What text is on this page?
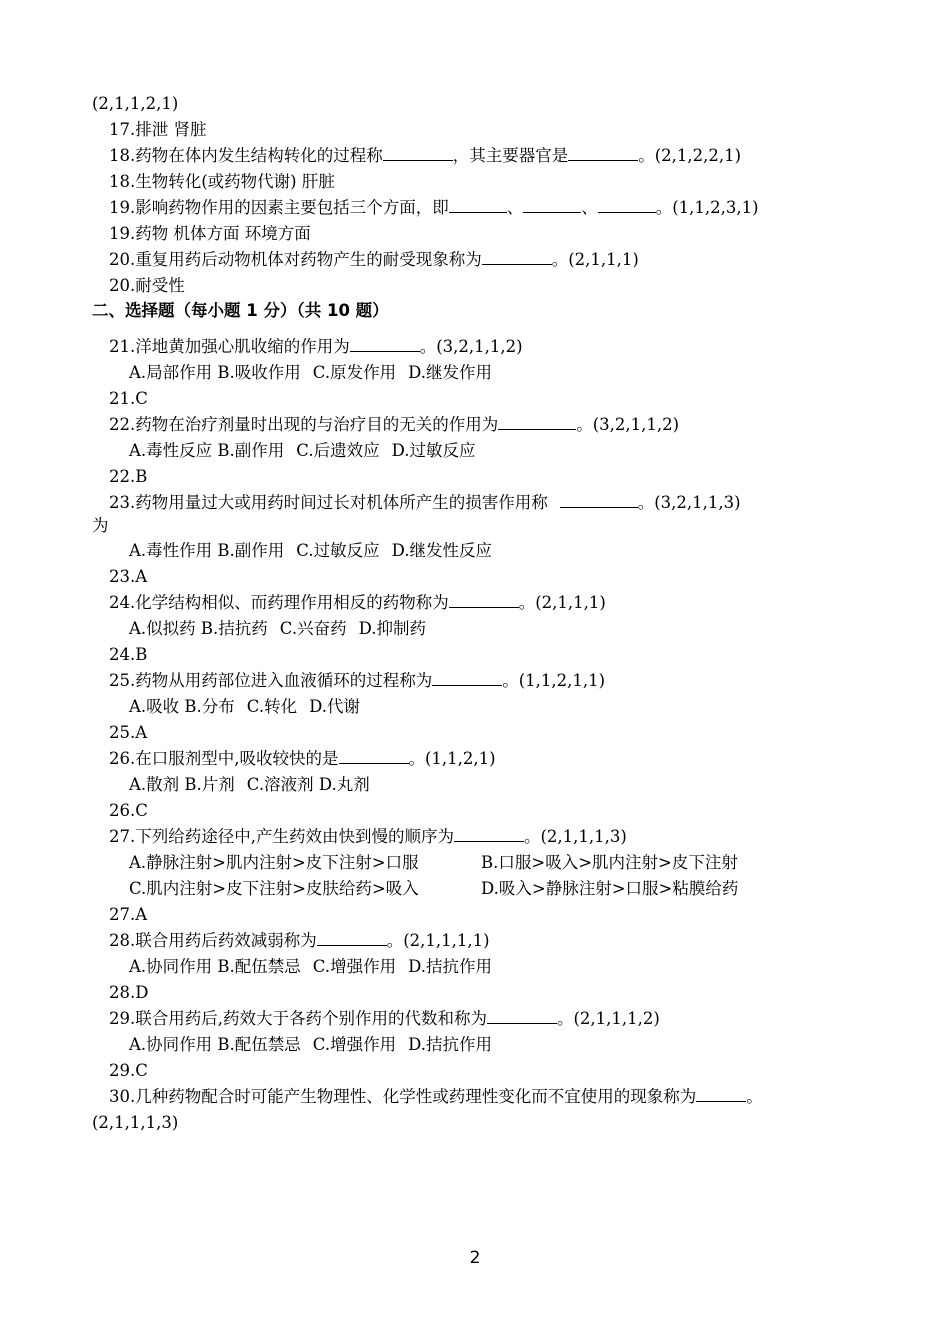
(2,1,1,2,1)
17.排泄 肾脏
18.药物在体内发生结构转化的过程称	，其主要器官是	。(2,1,2,2,1)
18.生物转化(或药物代谢) 肝脏
19.影响药物作用的因素主要包括三个方面，即	、	、	。(1,1,2,3,1)
19.药物 机体方面 环境方面
20.重复用药后动物机体对药物产生的耐受现象称为	。(2,1,1,1)
20.耐受性
二、选择题（每小题 1 分）（共 10 题）
21.洋地黄加强心肌收缩的作用为	。(3,2,1,1,2)
A.局部作用 B.吸收作用 C.原发作用 D.继发作用
21.C
22.药物在治疗剂量时出现的与治疗目的无关的作用为	。(3,2,1,1,2)
A.毒性反应 B.副作用 C.后遗效应 D.过敏反应
22.B
23.药物用量过大或用药时间过长对机体所产生的损害作用称	。(3,2,1,1,3)
为
A.毒性作用 B.副作用 C.过敏反应 D.继发性反应
23.A
24.化学结构相似、而药理作用相反的药物称为	。(2,1,1,1)
A.似拟药 B.拮抗药 C.兴奋药 D.抑制药
24.B
25.药物从用药部位进入血液循环的过程称为	。(1,1,2,1,1)
A.吸收 B.分布 C.转化 D.代谢
25.A
26.在口服剂型中,吸收较快的是	。(1,1,2,1)
A.散剂 B.片剂 C.溶液剂 D.丸剂
26.C
27.下列给药途径中,产生药效由快到慢的顺序为	。(2,1,1,1,3)
A.静脉注射>肌内注射>皮下注射>口服	B.口服>吸入>肌内注射>皮下注射
C.肌内注射>皮下注射>皮肤给药>吸入	D.吸入>静脉注射>口服>粘膜给药
27.A
28.联合用药后药效减弱称为	。(2,1,1,1,1)
A.协同作用 B.配伍禁忌 C.增强作用 D.拮抗作用
28.D
29.联合用药后,药效大于各药个别作用的代数和称为	。(2,1,1,1,2)
A.协同作用 B.配伍禁忌 C.增强作用 D.拮抗作用
29.C
30.几种药物配合时可能产生物理性、化学性或药理性变化而不宜使用的现象称为	。
(2,1,1,1,3)
2
